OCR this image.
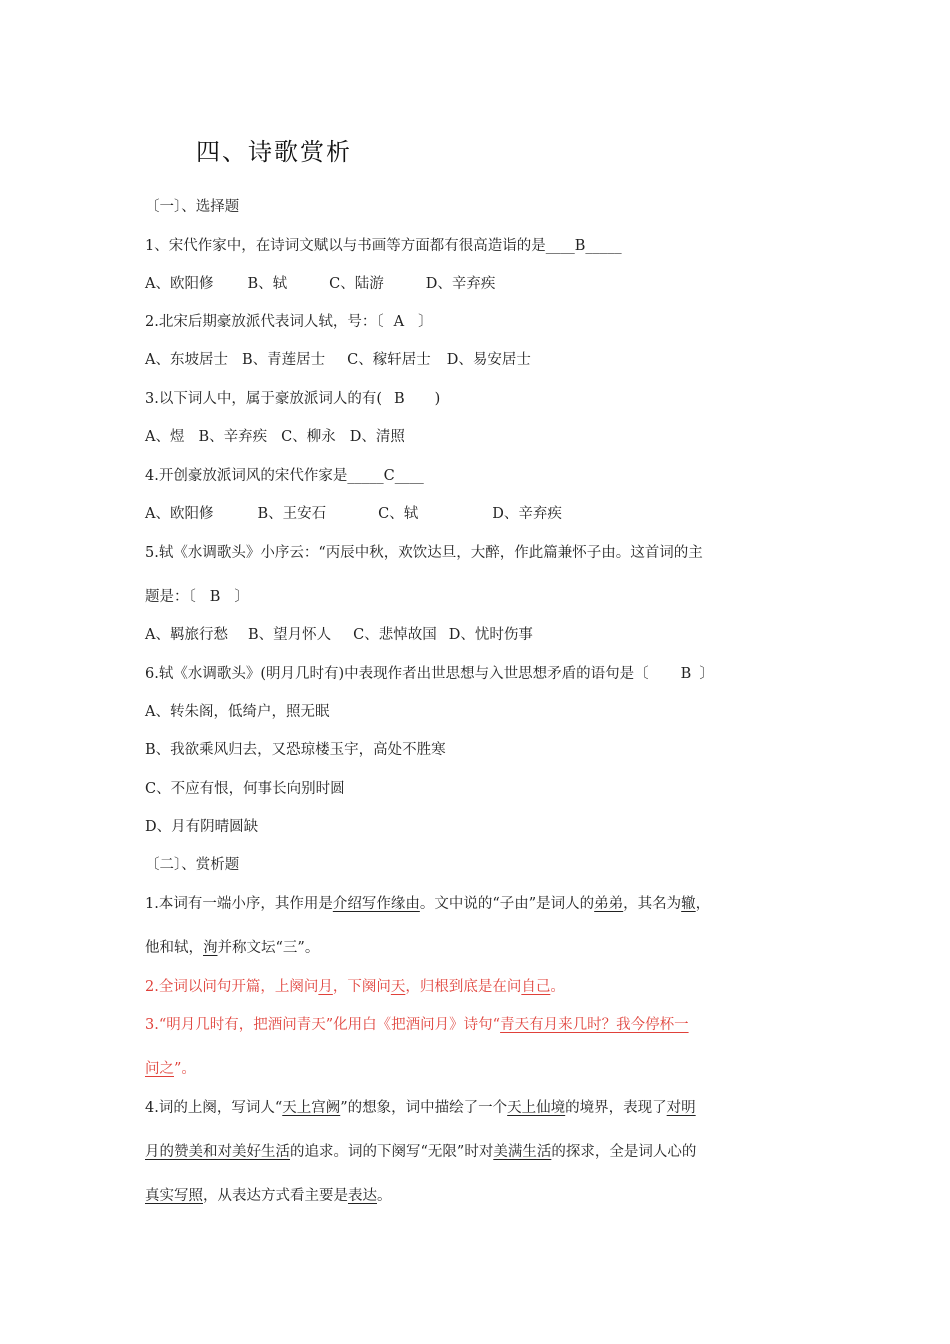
四、诗歌赏析
〔一〕、选择题
1、宋代作家中，在诗词文赋以与书画等方面都有很高造诣的是____B_____
A、欧阳修 B、轼	C、陆游	D、辛弃疾
2.北宋后期豪放派代表词人轼，号：〔 A 〕
A、东坡居士 B、青莲居士 C、稼轩居士 D、易安居士
3.以下词人中，属于豪放派词人的有( B )
A、煜 B、辛弃疾 C、柳永 D、清照
4.开创豪放派词风的宋代作家是_____C____
A、欧阳修	B、王安石	C、轼	D、辛弃疾
5.轼《水调歌头》小序云：“丙辰中秋，欢饮达旦，大醉，作此篇兼怀子由。这首词的主
题是：〔 B 〕
A、羁旅行愁 B、望月怀人 C、悲悼故国 D、忧时伤事
6.轼《水调歌头》(明月几时有)中表现作者出世思想与入世思想矛盾的语句是〔 B 〕
A、转朱阁，低绮户，照无眠
B、我欲乘风归去，又恐琼楼玉宇，高处不胜寒
C、不应有恨，何事长向别时圆
D、月有阴晴圆缺
〔二〕、赏析题
1.本词有一端小序，其作用是介绍写作缘由。文中说的“子由”是词人的弟弟，其名为辙，
他和轼，洵并称文坛“三”。
2.全词以问句开篇，上阕问月，下阕问天，归根到底是在问自己。
3.“明月几时有，把酒问青天”化用白《把酒问月》诗句“青天有月来几时？我今停杯一
问之”。
4.词的上阕，写词人“天上宫阙”的想象，词中描绘了一个天上仙境的境界，表现了对明
月的赞美和对美好生活的追求。词的下阕写“无限”时对美满生活的探求，全是词人心的
真实写照，从表达方式看主要是表达。
